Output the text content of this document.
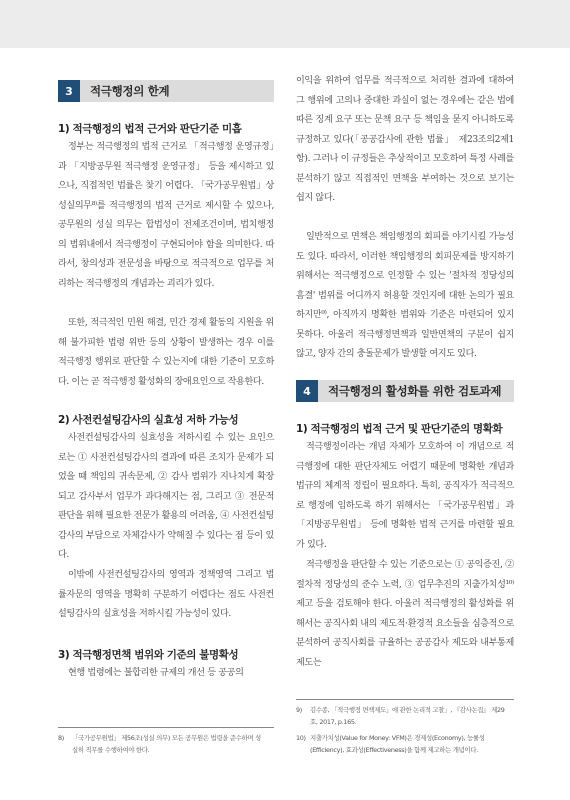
3	적극행정의 한계

1) 적극행정의 법적 근거와 판단기준 미흡

정부는 적극행정의 법적 근거로 「적극행정 운영규정」과 「지방공무원 적극행정 운영규정」 등을 제시하고 있으나, 직접적인 법률은 찾기 어렵다. 「국가공무원법」상 성실의무⁸⁾를 적극행정의 법적 근거로 제시할 수 있으나, 공무원의 성실 의무는 합법성이 전제조건이며, 법치행정의 범위내에서 적극행정이 구현되어야 함을 의미한다. 따라서, 창의성과 전문성을 바탕으로 적극적으로 업무를 처리하는 적극행정의 개념과는 괴리가 있다.

또한, 적극적인 민원 해결, 민간 경제 활동의 지원을 위해 불가피한 법령 위반 등의 상황이 발생하는 경우 이를 적극행정 행위로 판단할 수 있는지에 대한 기준이 모호하다. 이는 곧 적극행정 활성화의 장애요인으로 작용한다.

2) 사전컨설팅감사의 실효성 저하 가능성

사전컨설팅감사의 실효성을 저하시킬 수 있는 요인으로는 ① 사전컨설팅감사의 결과에 따른 조치가 문제가 되었을 때 책임의 귀속문제, ② 감사 범위가 지나치게 확장되고 감사부서 업무가 과다해지는 점, 그리고 ③ 전문적 판단을 위해 필요한 전문가 활용의 어려움, ④ 사전컨설팅감사의 부담으로 자체감사가 약해질 수 있다는 점 등이 있다.

이밖에 사전컨설팅감사의 영역과 정책영역 그리고 법률자문의 영역을 명확히 구분하기 어렵다는 점도 사전컨설팅감사의 실효성을 저하시킬 가능성이 있다.

3) 적극행정면책 범위와 기준의 불명확성

현행 법령에는 불합리한 규제의 개선 등 공공의

8) 「국가공무원법」 제56조(성실 의무) 모든 공무원은 법령을 준수하며 성
실히 직무를 수행하여야 한다.

이익을 위하여 업무를 적극적으로 처리한 결과에 대하여 그 행위에 고의나 중대한 과실이 없는 경우에는 같은 법에 따른 징계 요구 또는 문책 요구 등 책임을 묻지 아니하도록 규정하고 있다(「공공감사에 관한 법률」 제23조의2제1항). 그러나 이 규정들은 추상적이고 모호하여 특정 사례를 분석하기 않고 직접적인 면책을 부여하는 것으로 보기는 쉽지 않다.

일반적으로 면책은 책임행정의 회피를 야기시킬 가능성도 있다. 따라서, 이러한 책임행정의 회피문제를 방지하기 위해서는 적극행정으로 인정할 수 있는 '절차적 정당성의 흠결' 범위를 어디까지 허용할 것인지에 대한 논의가 필요하지만⁹⁾, 아직까지 명확한 범위와 기준은 마련되어 있지 못하다. 아울러 적극행정면책과 일반면책의 구분이 쉽지 않고, 양자 간의 충돌문제가 발생할 여지도 있다.

4	적극행정의 활성화를 위한 검토과제

1) 적극행정의 법적 근거 및 판단기준의 명확화

적극행정이라는 개념 자체가 모호하여 이 개념으로 적극행정에 대한 판단자체도 어렵기 때문에 명확한 개념과 법규의 체계적 정립이 필요하다. 특히, 공직자가 적극적으로 행정에 임하도록 하기 위해서는 「국가공무원법」과 「지방공무원법」 등에 명확한 법적 근거를 마련할 필요가 있다.

적극행정을 판단할 수 있는 기준으로는 ① 공익증진, ② 절차적 정당성의 준수 노력, ③ 업무추진의 지출가치성¹⁰⁾ 제고 등을 검토해야 한다. 아울러 적극행정의 활성화를 위해서는 공직사회 내의 제도적·환경적 요소들을 심층적으로 분석하여 공직사회를 규율하는 공공감사 제도와 내부통제 제도는

9) 김수종, 「적극행정 면책제도」에 관한 논리적 고찰」, 『감사논집』 제29
호, 2017, p.165.
10) 지출가치성(Value for Money: VFM)은 경제성(Economy), 능률성
(Efficiency), 효과성(Effectiveness)을 함께 제고하는 개념이다.
